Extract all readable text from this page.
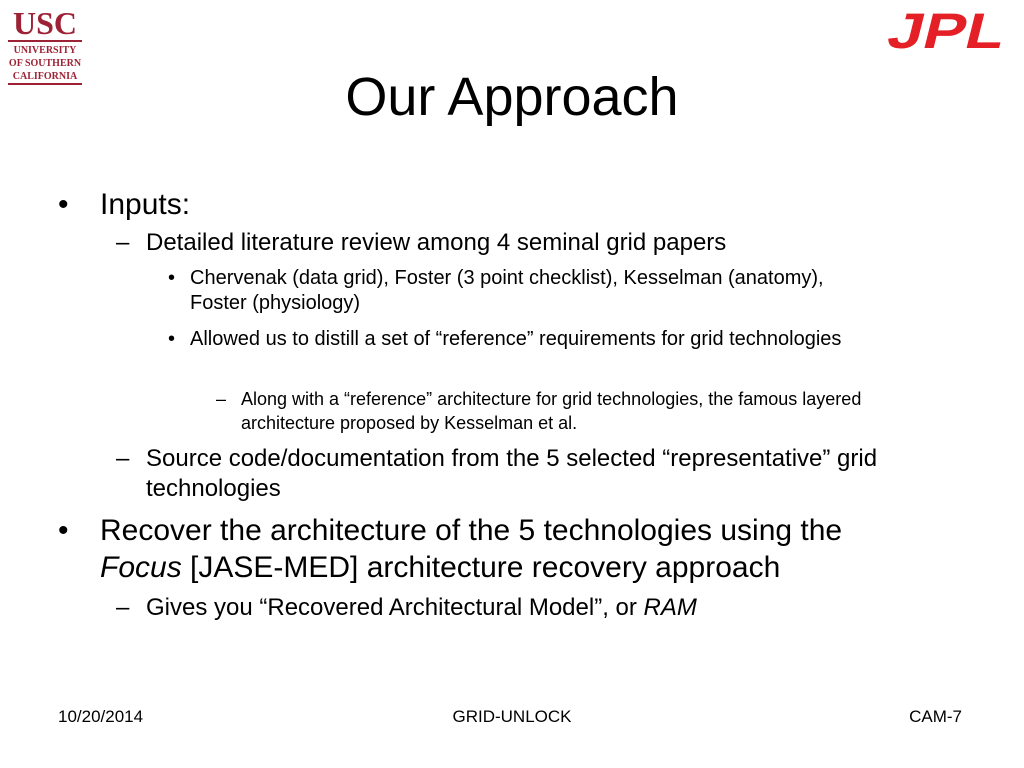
USC
UNIVERSITY
OF SOUTHERN
CALIFORNIA
JPL
Our Approach
• Inputs:
– Detailed literature review among 4 seminal grid papers
• Chervenak (data grid), Foster (3 point checklist), Kesselman (anatomy), Foster (physiology)
• Allowed us to distill a set of “reference” requirements for grid technologies
– Along with a “reference” architecture for grid technologies, the famous layered architecture proposed by Kesselman et al.
– Source code/documentation from the 5 selected “representative” grid technologies
• Recover the architecture of the 5 technologies using the
Focus [JASE-MED] architecture recovery approach
– Gives you “Recovered Architectural Model”, or RAM
10/20/2014	GRID-UNLOCK	CAM-7
